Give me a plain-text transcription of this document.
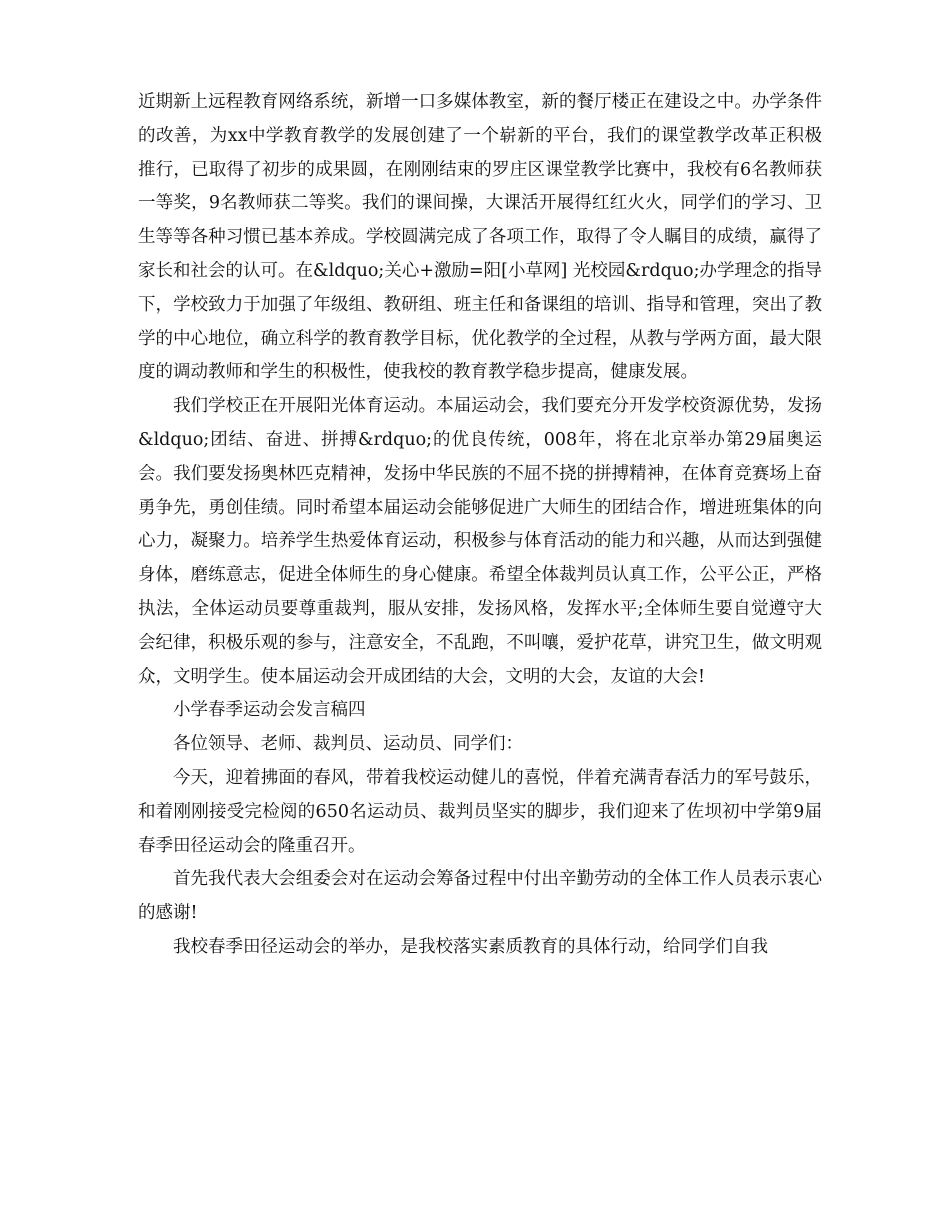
近期新上远程教育网络系统，新增一口多媒体教室，新的餐厅楼正在建设之中。办学条件的改善，为xx中学教育教学的发展创建了一个崭新的平台，我们的课堂教学改革正积极推行，已取得了初步的成果圆，在刚刚结束的罗庄区课堂教学比赛中，我校有6名教师获一等奖，9名教师获二等奖。我们的课间操，大课活开展得红红火火，同学们的学习、卫生等等各种习惯已基本养成。学校圆满完成了各项工作，取得了令人瞩目的成绩，赢得了家长和社会的认可。在&ldquo;关心+激励=阳[小草网] 光校园&rdquo;办学理念的指导下，学校致力于加强了年级组、教研组、班主任和备课组的培训、指导和管理，突出了教学的中心地位，确立科学的教育教学目标，优化教学的全过程，从教与学两方面，最大限度的调动教师和学生的积极性，使我校的教育教学稳步提高，健康发展。

我们学校正在开展阳光体育运动。本届运动会，我们要充分开发学校资源优势，发扬&ldquo;团结、奋进、拼搏&rdquo;的优良传统，008年，将在北京举办第29届奥运会。我们要发扬奥林匹克精神，发扬中华民族的不屈不挠的拼搏精神，在体育竞赛场上奋勇争先，勇创佳绩。同时希望本届运动会能够促进广大师生的团结合作，增进班集体的向心力，凝聚力。培养学生热爱体育运动，积极参与体育活动的能力和兴趣，从而达到强健身体，磨练意志，促进全体师生的身心健康。希望全体裁判员认真工作，公平公正，严格执法，全体运动员要尊重裁判，服从安排，发扬风格，发挥水平;全体师生要自觉遵守大会纪律，积极乐观的参与，注意安全，不乱跑，不叫嚷，爱护花草，讲究卫生，做文明观众，文明学生。使本届运动会开成团结的大会，文明的大会，友谊的大会!

小学春季运动会发言稿四

各位领导、老师、裁判员、运动员、同学们：

今天，迎着拂面的春风，带着我校运动健儿的喜悦，伴着充满青春活力的军号鼓乐，和着刚刚接受完检阅的650名运动员、裁判员坚实的脚步，我们迎来了佐坝初中学第9届春季田径运动会的隆重召开。

首先我代表大会组委会对在运动会筹备过程中付出辛勤劳动的全体工作人员表示衷心的感谢!

我校春季田径运动会的举办，是我校落实素质教育的具体行动，给同学们自我
